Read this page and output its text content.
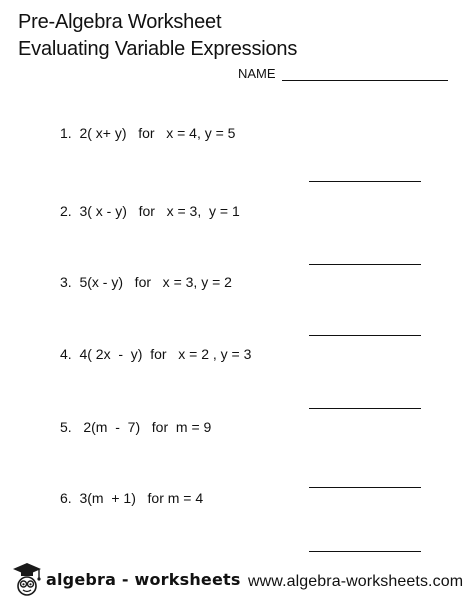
Pre-Algebra Worksheet
Evaluating Variable Expressions
NAME
1.  2( x+ y)   for   x = 4, y = 5
2.  3( x - y)   for   x = 3,  y = 1
3.  5(x - y)   for   x = 3, y = 2
4.  4( 2x  -  y)  for   x = 2 , y = 3
5.   2(m  -  7)   for  m = 9
6.  3(m  + 1)   for m = 4
algebra - worksheets www.algebra-worksheets.com
